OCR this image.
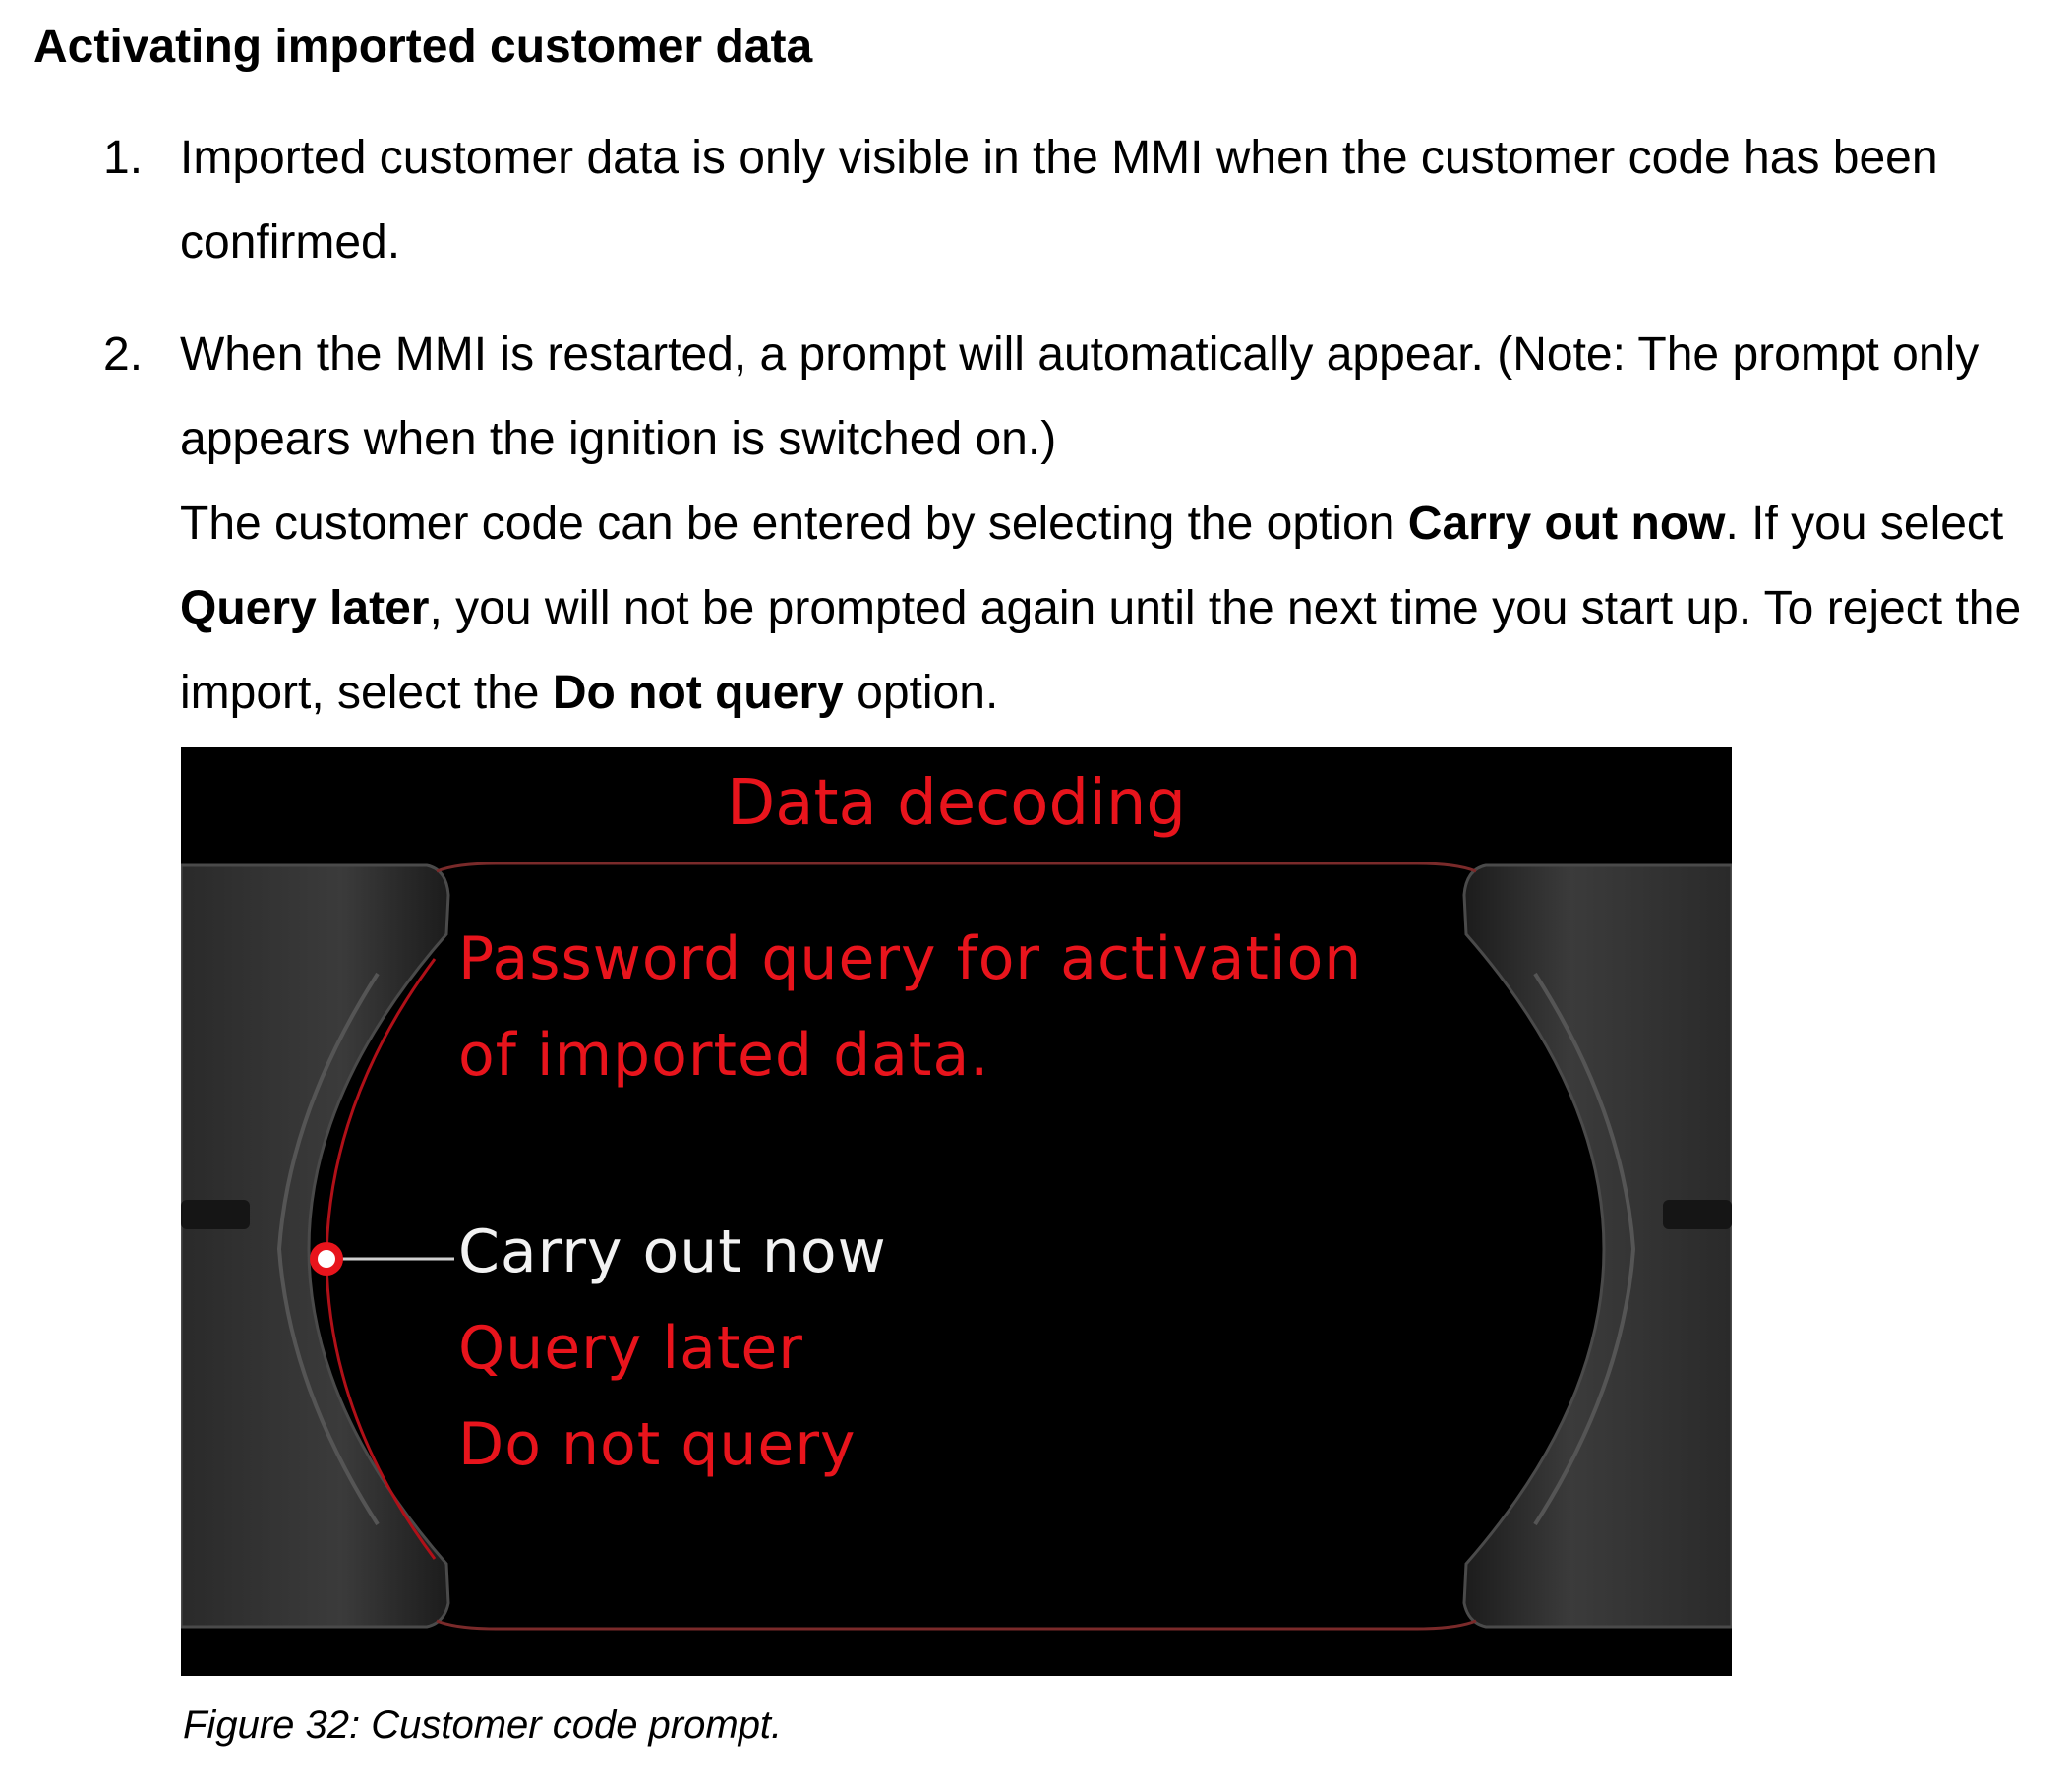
Activating imported customer data
1. Imported customer data is only visible in the MMI when the customer code has been confirmed.

2. When the MMI is restarted, a prompt will automatically appear. (Note: The prompt only appears when the ignition is switched on.)

The customer code can be entered by selecting the option Carry out now. If you select Query later, you will not be prompted again until the next time you start up. To reject the import, select the Do not query option.

Data decoding
Password query for activation
of imported data.
Carry out now
Query later
Do not query

Figure 32: Customer code prompt.
